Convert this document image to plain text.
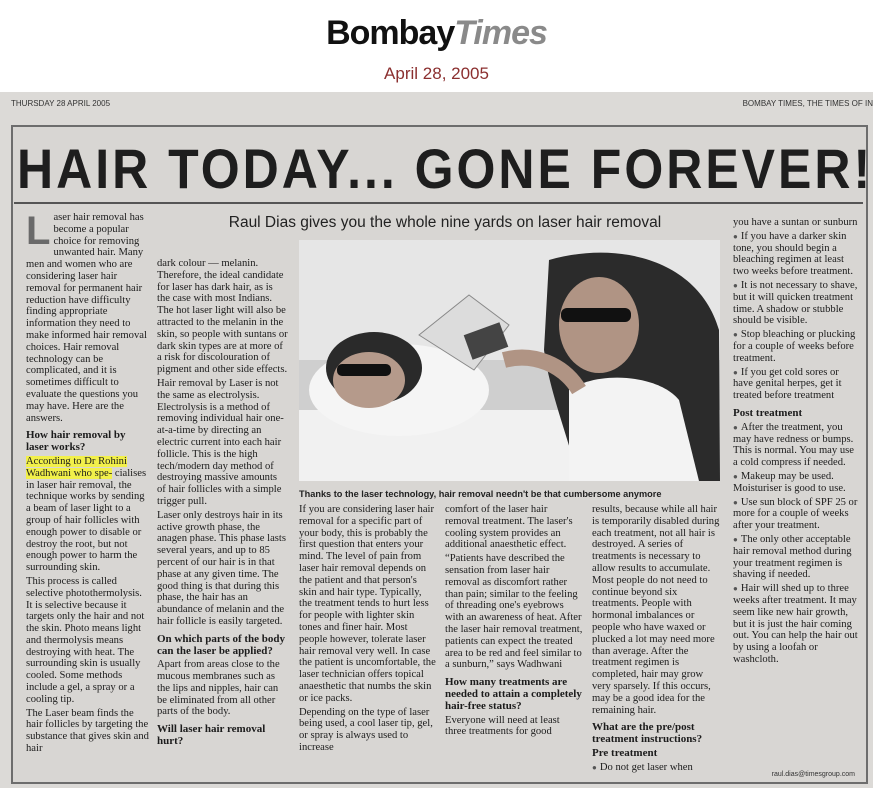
BombayTimes
April 28, 2005
THURSDAY 28 APRIL 2005	BOMBAY TIMES, THE TIMES OF IN
HAIR TODAY... GONE FOREVER!

Laser hair removal has become a popular choice for removing unwanted hair. Many men and women who are considering laser hair removal for permanent hair reduction have difficulty finding appropriate information they need to make informed hair removal choices. Hair removal technology can be complicated, and it is sometimes difficult to evaluate the questions you may have. Here are the answers.

How hair removal by laser works?

According to Dr Rohini Wadhwani who spe- cialises in laser hair removal, the technique works by sending a beam of laser light to a group of hair follicles with enough power to disable or destroy the root, but not enough power to harm the surrounding skin.

This process is called selective photothermolysis. It is selective because it targets only the hair and not the skin. Photo means light and thermolysis means destroying with heat. The surrounding skin is usually cooled. Some methods include a gel, a spray or a cooling tip.

The Laser beam finds the hair follicles by targeting the substance that gives skin and hair

Raul Dias gives you the whole nine yards on laser hair removal

dark colour — melanin. Therefore, the ideal candidate for laser has dark hair, as is the case with most Indians. The hot laser light will also be attracted to the melanin in the skin, so people with suntans or dark skin types are at more of a risk for discolouration of pigment and other side effects.

Hair removal by Laser is not the same as electrolysis. Electrolysis is a method of removing individual hair one-at-a-time by directing an electric current into each hair follicle. This is the high tech/modern day method of destroying massive amounts of hair follicles with a simple trigger pull.

Laser only destroys hair in its active growth phase, the anagen phase. This phase lasts several years, and up to 85 percent of our hair is in that phase at any given time. The good thing is that during this phase, the hair has an abundance of melanin and the hair follicle is easily targeted.

On which parts of the body can the laser be applied?

Apart from areas close to the mucous membranes such as the lips and nipples, hair can be eliminated from all other parts of the body.

Will laser hair removal hurt?
Thanks to the laser technology, hair removal needn't be that cumbersome anymore

If you are considering laser hair removal for a specific part of your body, this is probably the first question that enters your mind. The level of pain from laser hair removal depends on the patient and that person's skin and hair type. Typically, the treatment tends to hurt less for people with lighter skin tones and finer hair. Most people however, tolerate laser hair removal very well. In case the patient is uncomfortable, the laser technician offers topical anaesthetic that numbs the skin or ice packs.

Depending on the type of laser being used, a cool laser tip, gel, or spray is always used to increase

comfort of the laser hair removal treatment. The laser's cooling system provides an additional anaesthetic effect.

“Patients have described the sensation from laser hair removal as discomfort rather than pain; similar to the feeling of threading one's eyebrows with an awareness of heat. After the laser hair removal treatment, patients can expect the treated area to be red and feel similar to a sunburn,” says Wadhwani

How many treatments are needed to attain a completely hair-free status?

Everyone will need at least three treatments for good

results, because while all hair is temporarily disabled during each treatment, not all hair is destroyed. A series of treatments is necessary to allow results to accumulate. Most people do not need to continue beyond six treatments. People with hormonal imbalances or people who have waxed or plucked a lot may need more than average. After the treatment regimen is completed, hair may grow very sparsely. If this occurs, may be a good idea for the remaining hair.

What are the pre/post treatment instructions?
Pre treatment

● Do not get laser when

you have a suntan or sunburn

● If you have a darker skin tone, you should begin a bleaching regimen at least two weeks before treatment.

● It is not necessary to shave, but it will quicken treatment time. A shadow or stubble should be visible.

● Stop bleaching or plucking for a couple of weeks before treatment.

● If you get cold sores or have genital herpes, get it treated before treatment

Post treatment

● After the treatment, you may have redness or bumps. This is normal. You may use a cold compress if needed.

● Makeup may be used. Moisturiser is good to use.

● Use sun block of SPF 25 or more for a couple of weeks after your treatment.

● The only other acceptable hair removal method during your treatment regimen is shaving if needed.

● Hair will shed up to three weeks after treatment. It may seem like new hair growth, but it is just the hair coming out. You can help the hair out by using a loofah or washcloth.

raul.dias@timesgroup.com
